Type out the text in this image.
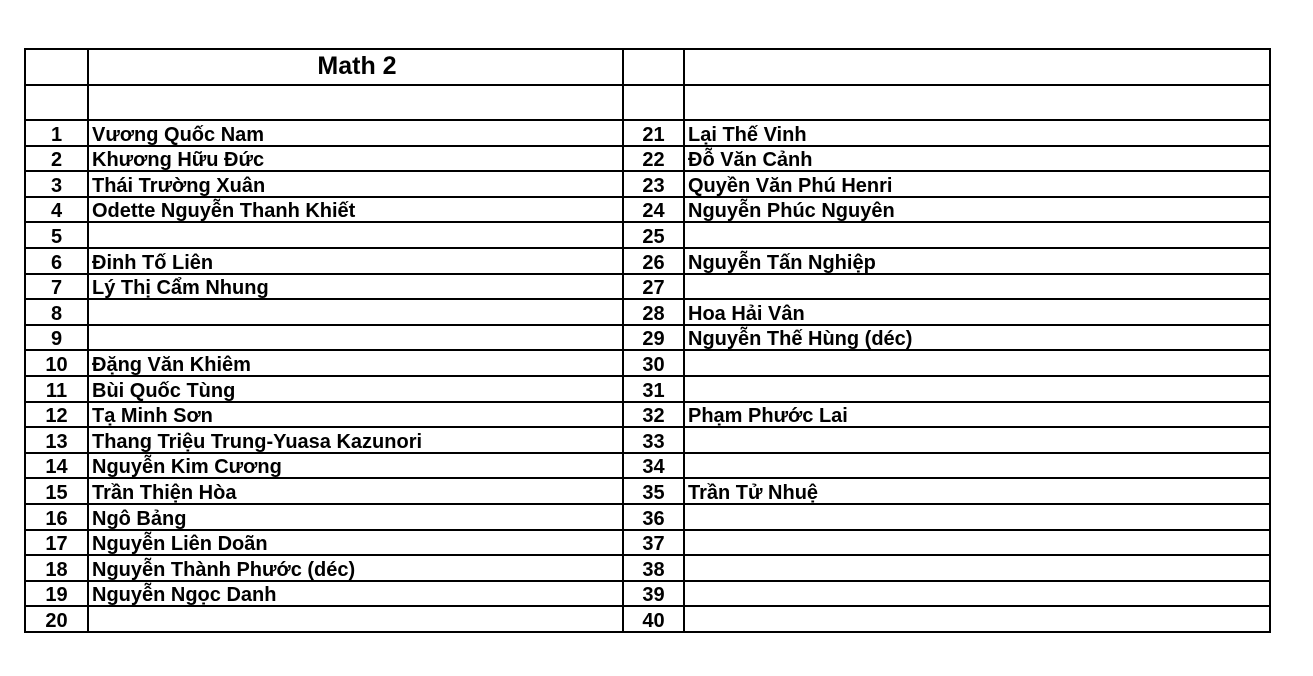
	Math 2		

1	Vương Quốc Nam	21	Lại Thế Vinh
2	Khương Hữu Đức	22	Đỗ Văn Cảnh
3	Thái Trường Xuân	23	Quyền Văn Phú Henri
4	Odette Nguyễn Thanh Khiết	24	Nguyễn Phúc Nguyên
5		25	
6	Đinh Tố Liên	26	Nguyễn Tấn Nghiệp
7	Lý Thị Cẩm Nhung	27	
8		28	Hoa Hải Vân
9		29	Nguyễn Thế Hùng (déc)
10	Đặng Văn Khiêm	30	
11	Bùi Quốc Tùng	31	
12	Tạ Minh Sơn	32	Phạm Phước Lai
13	Thang Triệu Trung-Yuasa Kazunori	33	
14	Nguyễn Kim Cương	34	
15	Trần Thiện Hòa	35	Trần Tử Nhuệ
16	Ngô Bảng	36	
17	Nguyễn Liên Doãn	37	
18	Nguyễn Thành Phước (déc)	38	
19	Nguyễn Ngọc Danh	39	
20		40	
